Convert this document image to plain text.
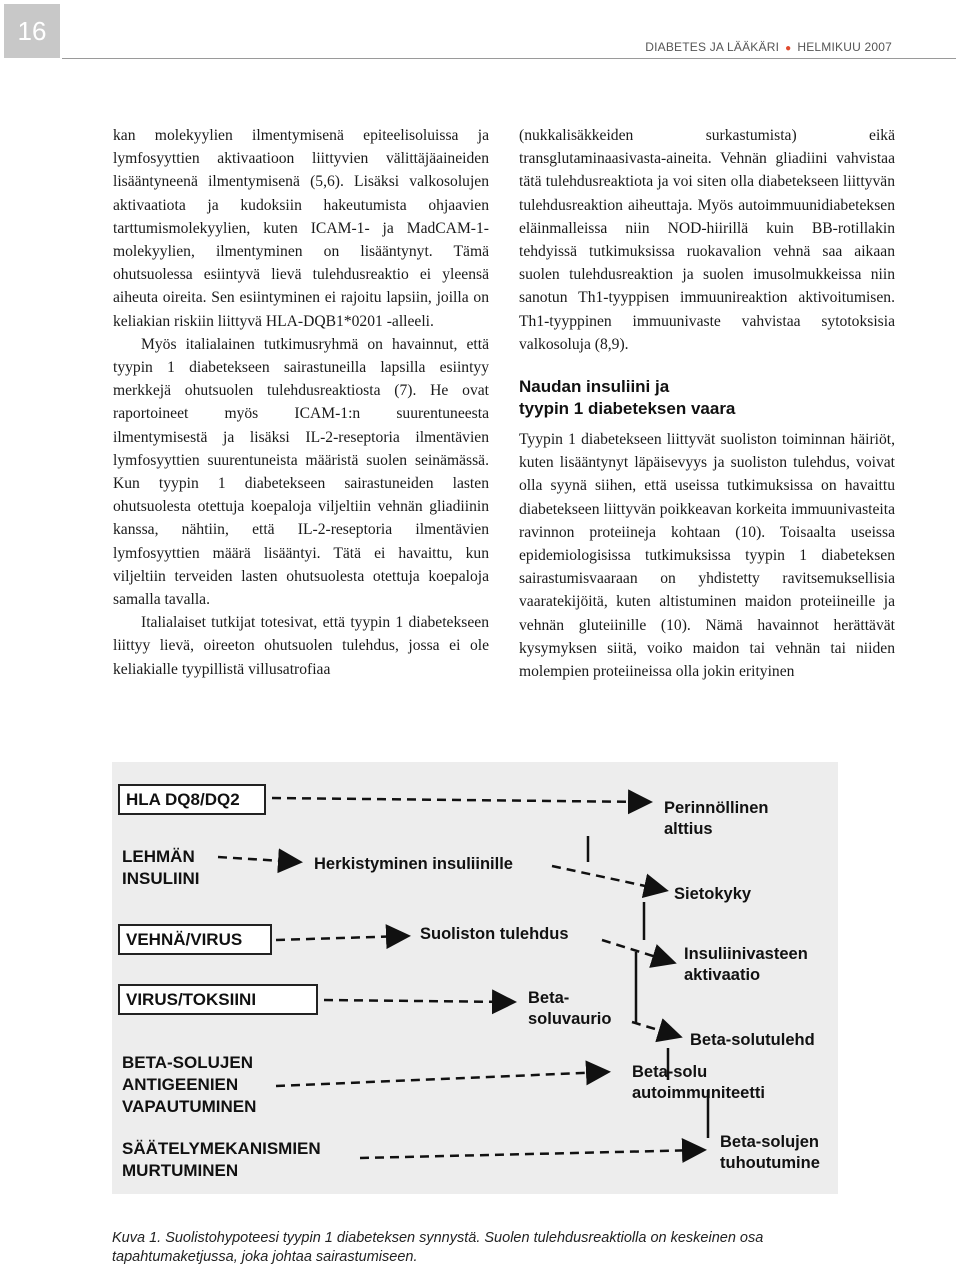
16
DIABETES JA LÄÄKÄRI ● HELMIKUU 2007

kan molekyylien ilmentymisenä epiteelisoluissa ja lymfosyyttien aktivaatioon liittyvien välittäjäaineiden lisääntyneenä ilmentymisenä (5,6). Lisäksi valkosolujen aktivaatiota ja kudoksiin hakeutumista ohjaavien tarttumismolekyylien, kuten ICAM-1- ja MadCAM-1-molekyylien, ilmentyminen on lisääntynyt. Tämä ohutsuolessa esiintyvä lievä tulehdusreaktio ei yleensä aiheuta oireita. Sen esiintyminen ei rajoitu lapsiin, joilla on keliakian riskiin liittyvä HLA-DQB1*0201 -alleeli.

Myös italialainen tutkimusryhmä on havainnut, että tyypin 1 diabetekseen sairastuneilla lapsilla esiintyy merkkejä ohutsuolen tulehdusreaktiosta (7). He ovat raportoineet myös ICAM-1:n suurentuneesta ilmentymisestä ja lisäksi IL-2-reseptoria ilmentävien lymfosyyttien suurentuneista määristä suolen seinämässä. Kun tyypin 1 diabetekseen sairastuneiden lasten ohutsuolesta otettuja koepaloja viljeltiin vehnän gliadiinin kanssa, nähtiin, että IL-2-reseptoria ilmentävien lymfosyyttien määrä lisääntyi. Tätä ei havaittu, kun viljeltiin terveiden lasten ohutsuolesta otettuja koepaloja samalla tavalla.

Italialaiset tutkijat totesivat, että tyypin 1 diabetekseen liittyy lievä, oireeton ohutsuolen tulehdus, jossa ei ole keliakialle tyypillistä villusatrofiaa

(nukkalisäkkeiden surkastumista) eikä transglutaminaasivasta-aineita. Vehnän gliadiini vahvistaa tätä tulehdusreaktiota ja voi siten olla diabetekseen liittyvän tulehdusreaktion aiheuttaja. Myös autoimmuunidiabeteksen eläinmalleissa niin NOD-hiirillä kuin BB-rotillakin tehdyissä tutkimuksissa ruokavalion vehnä saa aikaan suolen tulehdusreaktion ja suolen imusolmukkeissa niin sanotun Th1-tyyppisen immuunireaktion aktivoitumisen. Th1-tyyppinen immuunivaste vahvistaa sytotoksisia valkosoluja (8,9).

Naudan insuliini ja
tyypin 1 diabeteksen vaara

Tyypin 1 diabetekseen liittyvät suoliston toiminnan häiriöt, kuten lisääntynyt läpäisevyys ja suoliston tulehdus, voivat olla syynä siihen, että useissa tutkimuksissa on havaittu diabetekseen liittyvän poikkeavan korkeita immuunivasteita ravinnon proteiineja kohtaan (10). Toisaalta useissa epidemiologisissa tutkimuksissa tyypin 1 diabeteksen sairastumisvaaraan on yhdistetty ravitsemuksellisia vaaratekijöitä, kuten altistuminen maidon proteiineille ja vehnän gluteiinille (10). Nämä havainnot herättävät kysymyksen siitä, voiko maidon tai vehnän tai niiden molempien proteiineissa olla jokin erityinen

HLA DQ8/DQ2
LEHMÄN
INSULIINI
VEHNÄ/VIRUS
VIRUS/TOKSIINI
BETA-SOLUJEN
ANTIGEENIEN
VAPAUTUMINEN
SÄÄTELYMEKANISMIEN
MURTUMINEN
Herkistyminen insuliinille
Suoliston tulehdus
Beta-
soluvaurio
Perinnöllinen
alttius
Sietokyky
Insuliinivasteen
aktivaatio
Beta-solutulehd
Beta-solu
autoimmuniteetti
Beta-solujen
tuhoutumine
Kuva 1. Suolistohypoteesi tyypin 1 diabeteksen synnystä. Suolen tulehdusreaktiolla on keskeinen osa tapahtumaketjussa, joka johtaa sairastumiseen.
